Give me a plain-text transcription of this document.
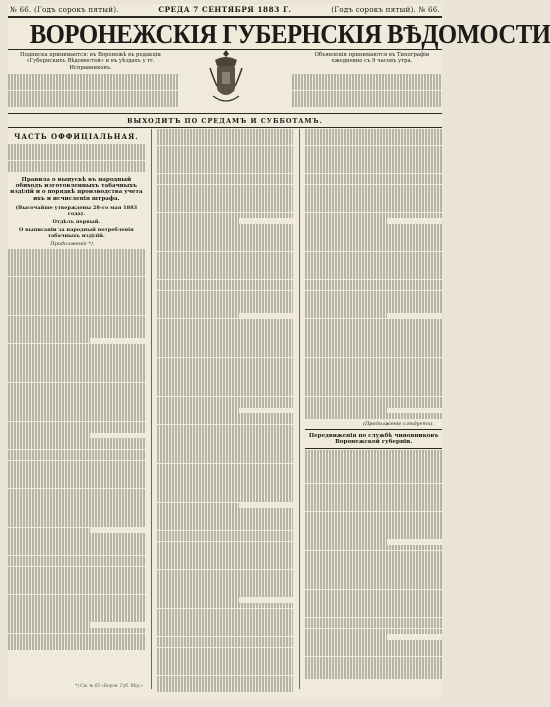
№ 66. (Годъ сорокъ пятый).	СРЕДА 7 СЕНТЯБРЯ 1883 Г.	(Годъ сорокъ пятый). № 66.
ВОРОНЕЖСКІЯ ГУБЕРНСКІЯ ВѢДОМОСТИ
Подписка принимается: въ Воронежѣ въ редакціи «Губернскихъ Вѣдомостей» и въ уѣздахъ у гг. Исправниковъ.
Объявленія принимаются въ Типографіи ежедневно съ 9 часовъ утра.
ВЫХОДИТЪ ПО СРЕДАМЪ И СУББОТАМЪ.
ЧАСТЬ ОФФИЦІАЛЬНАЯ.
Правила о выпускѣ въ народный обиходъ изготовленныхъ табачныхъ изділій и о порядкѣ производства учета ихъ и исчисленія штрафа.
(Высочайше утверждены 28-го мая 1883 года).
Отдѣлъ первый.
О выписаніи за народный потребленія табачныхъ изділій.
Продолженіе *).
*) См. № 65 «Ворон. Губ. Вѣд.»
(Продолженіе слѣдуетъ).
Передвиженія по службѣ чиновниковъ Воронежской губерніи.
